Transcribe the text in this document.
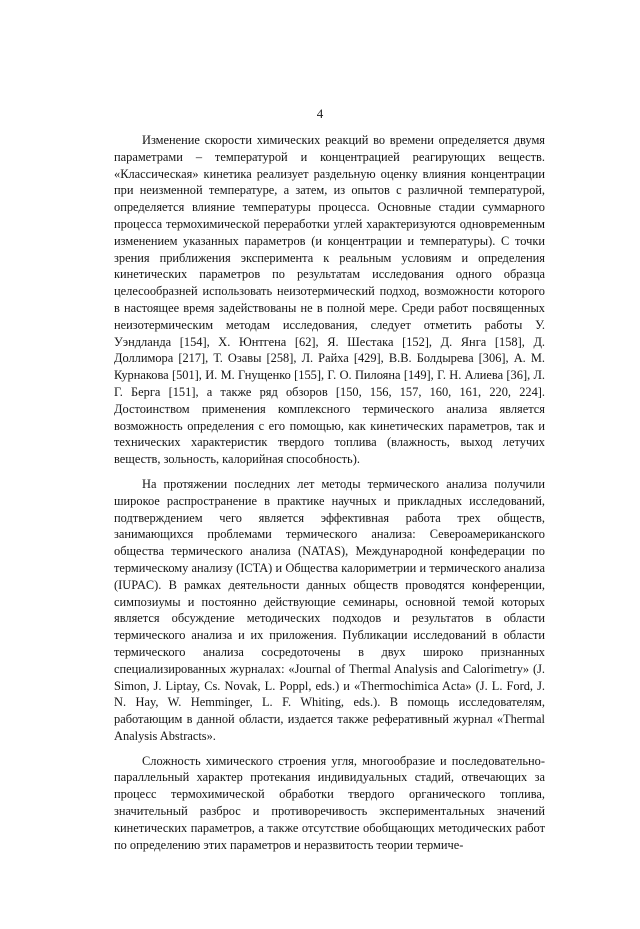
4

Изменение скорости химических реакций во времени определяется двумя параметрами – температурой и концентрацией реагирующих веществ. «Классическая» кинетика реализует раздельную оценку влияния концентрации при неизменной температуре, а затем, из опытов с различной температурой, определяется влияние температуры процесса. Основные стадии суммарного процесса термохимической переработки углей характеризуются одновременным изменением указанных параметров (и концентрации и температуры). С точки зрения приближения эксперимента к реальным условиям и определения кинетических параметров по результатам исследования одного образца целесообразней использовать неизотермический подход, возможности которого в настоящее время задействованы не в полной мере. Среди работ посвященных неизотермическим методам исследования, следует отметить работы У. Уэндланда [154], Х. Юнтгена [62], Я. Шестака [152], Д. Янга [158], Д. Доллимора [217], Т. Озавы [258], Л. Райха [429], В.В. Болдырева [306], А. М. Курнакова [501], И. М. Гнущенко [155], Г. О. Пилояна [149], Г. Н. Алиева [36], Л. Г. Берга [151], а также ряд обзоров [150, 156, 157, 160, 161, 220, 224]. Достоинством применения комплексного термического анализа является возможность определения с его помощью, как кинетических параметров, так и технических характеристик твердого топлива (влажность, выход летучих веществ, зольность, калорийная способность).

На протяжении последних лет методы термического анализа получили широкое распространение в практике научных и прикладных исследований, подтверждением чего является эффективная работа трех обществ, занимающихся проблемами термического анализа: Североамериканского общества термического анализа (NATAS), Международной конфедерации по термическому анализу (ICTA) и Общества калориметрии и термического анализа (IUPAC). В рамках деятельности данных обществ проводятся конференции, симпозиумы и постоянно действующие семинары, основной темой которых является обсуждение методических подходов и результатов в области термического анализа и их приложения. Публикации исследований в области термического анализа сосредоточены в двух широко признанных специализированных журналах: «Journal of Thermal Analysis and Calorimetry» (J. Simon, J. Liptay, Cs. Novak, L. Poppl, eds.) и «Thermochimica Acta» (J. L. Ford, J. N. Hay, W. Hemminger, L. F. Whiting, eds.). В помощь исследователям, работающим в данной области, издается также реферативный журнал «Thermal Analysis Abstracts».

Сложность химического строения угля, многообразие и последовательно-параллельный характер протекания индивидуальных стадий, отвечающих за процесс термохимической обработки твердого органического топлива, значительный разброс и противоречивость экспериментальных значений кинетических параметров, а также отсутствие обобщающих методических работ по определению этих параметров и неразвитость теории термиче-
